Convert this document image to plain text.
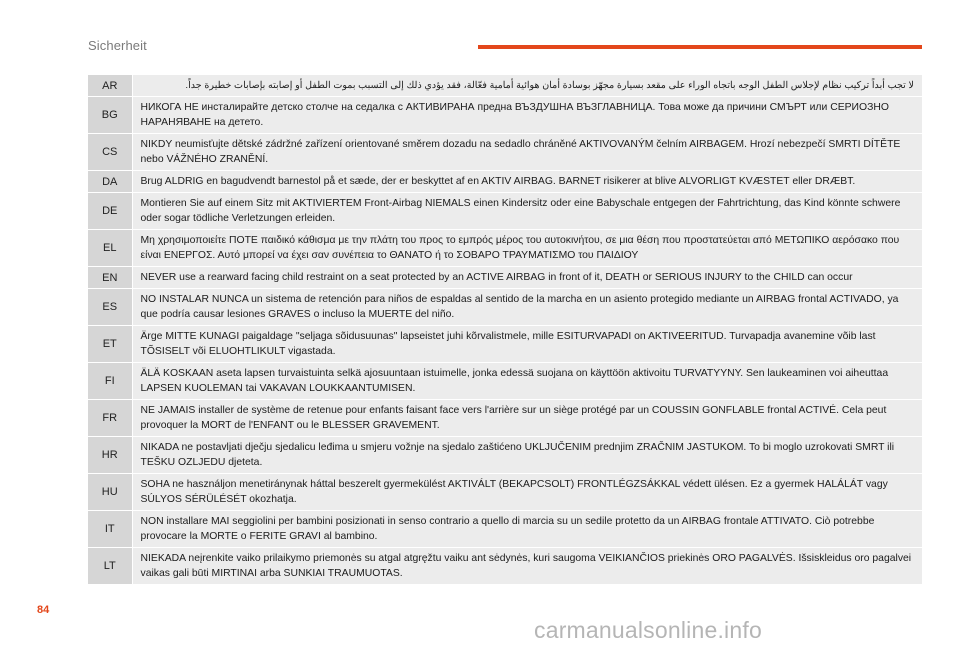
Sicherheit
AR	لا تجب أبداً تركيب نظام لإجلاس الطفل الوجه باتجاه الوراء على مقعد بسيارة مجهّز بوسادة أمان هوائية أمامية فعّالة، فقد يؤدي ذلك إلى التسبب بموت الطفل أو إصابته بإصابات خطيرة جداً.
BG	НИКОГА НЕ инсталирайте детско столче на седалка с АКТИВИРАНА предна ВЪЗДУШНА ВЪЗГЛАВНИЦА. Това може да причини СМЪРТ или СЕРИОЗНО НАРАНЯВАНЕ на детето.
CS	NIKDY neumisťujte dětské zádržné zařízení orientované směrem dozadu na sedadlo chráněné AKTIVOVANÝM čelním AIRBAGEM. Hrozí nebezpečí SMRTI DÍTĚTE nebo VÁŽNÉHO ZRANĚNÍ.
DA	Brug ALDRIG en bagudvendt barnestol på et sæde, der er beskyttet af en AKTIV AIRBAG. BARNET risikerer at blive ALVORLIGT KVÆSTET eller DRÆBT.
DE	Montieren Sie auf einem Sitz mit AKTIVIERTEM Front-Airbag NIEMALS einen Kindersitz oder eine Babyschale entgegen der Fahrtrichtung, das Kind könnte schwere oder sogar tödliche Verletzungen erleiden.
EL	Μη χρησιμοποιείτε ΠΟΤΕ παιδικό κάθισμα με την πλάτη του προς το εμπρός μέρος του αυτοκινήτου, σε μια θέση που προστατεύεται από ΜΕΤΩΠΙΚΟ αερόσακο που είναι ΕΝΕΡΓΟΣ. Αυτό μπορεί να έχει σαν συνέπεια το ΘΑΝΑΤΟ ή το ΣΟΒΑΡΟ ΤΡΑΥΜΑΤΙΣΜΟ του ΠΑΙΔΙΟΥ
EN	NEVER use a rearward facing child restraint on a seat protected by an ACTIVE AIRBAG in front of it, DEATH or SERIOUS INJURY to the CHILD can occur
ES	NO INSTALAR NUNCA un sistema de retención para niños de espaldas al sentido de la marcha en un asiento protegido mediante un AIRBAG frontal ACTIVADO, ya que podría causar lesiones GRAVES o incluso la MUERTE del niño.
ET	Ärge MITTE KUNAGI paigaldage "seljaga sõidusuunas" lapseistet juhi kõrvalistmele, mille ESITURVAPADI on AKTIVEERITUD. Turvapadja avanemine võib last TÕSISELT või ELUOHTLIKULT vigastada.
FI	ÄLÄ KOSKAAN aseta lapsen turvaistuinta selkä ajosuuntaan istuimelle, jonka edessä suojana on käyttöön aktivoitu TURVATYYNY. Sen laukeaminen voi aiheuttaa LAPSEN KUOLEMAN tai VAKAVAN LOUKKAANTUMISEN.
FR	NE JAMAIS installer de système de retenue pour enfants faisant face vers l'arrière sur un siège protégé par un COUSSIN GONFLABLE frontal ACTIVÉ. Cela peut provoquer la MORT de l'ENFANT ou le BLESSER GRAVEMENT.
HR	NIKADA ne postavljati dječju sjedalicu leđima u smjeru vožnje na sjedalo zaštićeno UKLJUČENIM prednjim ZRAČNIM JASTUKOM. To bi moglo uzrokovati SMRT ili TEŠKU OZLJEDU djeteta.
HU	SOHA ne használjon menetiránynak háttal beszerelt gyermekülést AKTIVÁLT (BEKAPCSOLT) FRONTLÉGZSÁKKAL védett ülésen. Ez a gyermek HALÁLÁT vagy SÚLYOS SÉRÜLÉSÉT okozhatja.
IT	NON installare MAI seggiolini per bambini posizionati in senso contrario a quello di marcia su un sedile protetto da un AIRBAG frontale ATTIVATO. Ciò potrebbe provocare la MORTE o FERITE GRAVI al bambino.
LT	NIEKADA neįrenkite vaiko prilaikymo priemonės su atgal atgręžtu vaiku ant sėdynės, kuri saugoma VEIKIANČIOS priekinės ORO PAGALVĖS. Išsiskleidus oro pagalvei vaikas gali būti MIRTINAI arba SUNKIAI TRAUMUOTAS.
84
carmanualsonline.info
